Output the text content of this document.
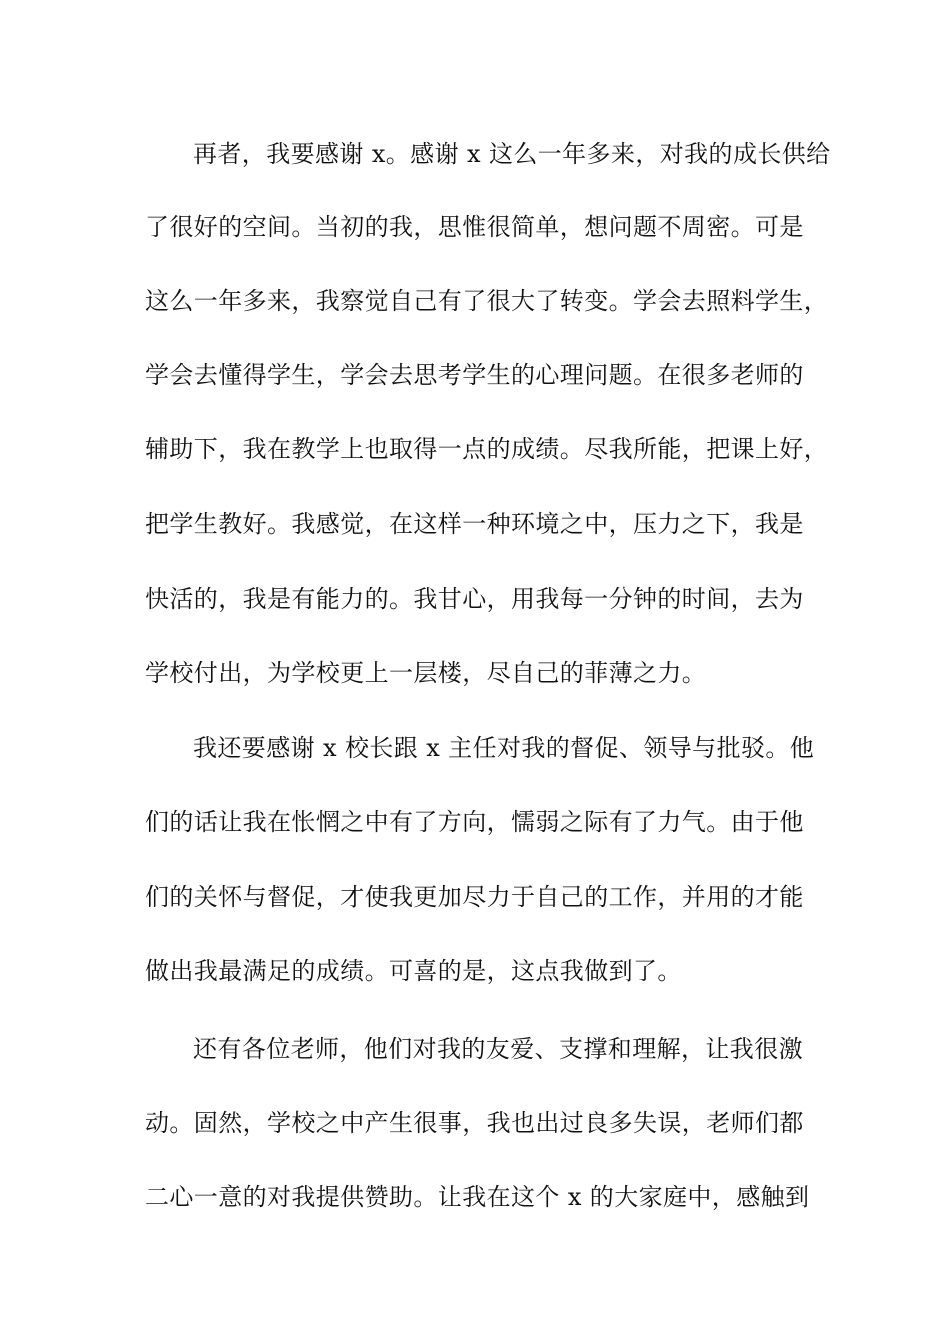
再者，我要感谢 x。感谢 x 这么一年多来，对我的成长供给
了很好的空间。当初的我，思惟很简单，想问题不周密。可是
这么一年多来，我察觉自己有了很大了转变。学会去照料学生，
学会去懂得学生，学会去思考学生的心理问题。在很多老师的
辅助下，我在教学上也取得一点的成绩。尽我所能，把课上好，
把学生教好。我感觉，在这样一种环境之中，压力之下，我是
快活的，我是有能力的。我甘心，用我每一分钟的时间，去为
学校付出，为学校更上一层楼，尽自己的菲薄之力。
我还要感谢 x 校长跟 x 主任对我的督促、领导与批驳。他
们的话让我在怅惘之中有了方向，懦弱之际有了力气。由于他
们的关怀与督促，才使我更加尽力于自己的工作，并用的才能
做出我最满足的成绩。可喜的是，这点我做到了。
还有各位老师，他们对我的友爱、支撑和理解，让我很激
动。固然，学校之中产生很事，我也出过良多失误，老师们都
二心一意的对我提供赞助。让我在这个 x 的大家庭中，感触到
